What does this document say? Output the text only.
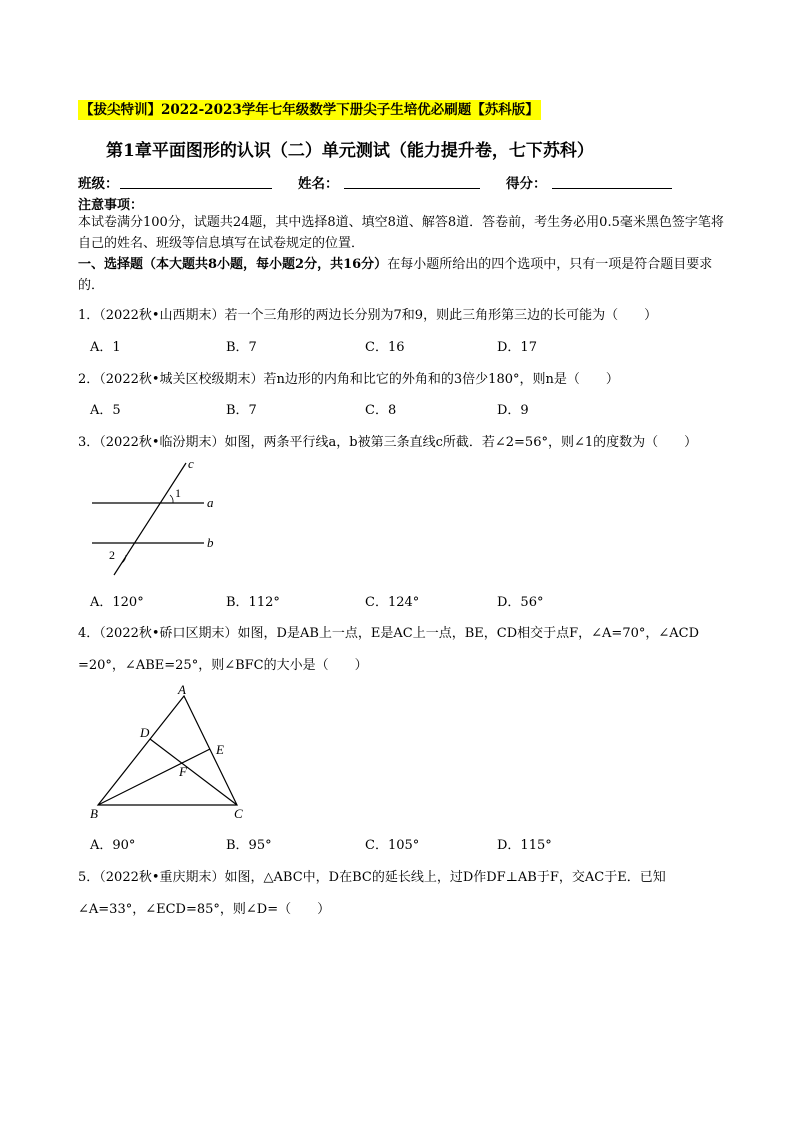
【拔尖特训】2022-2023学年七年级数学下册尖子生培优必刷题【苏科版】
第1章平面图形的认识（二）单元测试（能力提升卷，七下苏科）
班级：	姓名：	得分：
注意事项：
本试卷满分100分，试题共24题，其中选择8道、填空8道、解答8道．答卷前，考生务必用0.5毫米黑色签字笔将自己的姓名、班级等信息填写在试卷规定的位置．
一、选择题（本大题共8小题，每小题2分，共16分）在每小题所给出的四个选项中，只有一项是符合题目要求的．
1．（2022秋•山西期末）若一个三角形的两边长分别为7和9，则此三角形第三边的长可能为（　　）
A．1	B．7	C．16	D．17
2．（2022秋•城关区校级期末）若n边形的内角和比它的外角和的3倍少180°，则n是（　　）
A．5	B．7	C．8	D．9
3．（2022秋•临汾期末）如图，两条平行线a，b被第三条直线c所截．若∠2=56°，则∠1的度数为（　　）
c
a
b
1
2
A．120°	B．112°	C．124°	D．56°
4．（2022秋•硚口区期末）如图，D是AB上一点，E是AC上一点，BE，CD相交于点F，∠A=70°，∠ACD
=20°，∠ABE=25°，则∠BFC的大小是（　　）
A
B	C
D
E
F
A．90°	B．95°	C．105°	D．115°
5．（2022秋•重庆期末）如图，△ABC中，D在BC的延长线上，过D作DF⊥AB于F，交AC于E．已知
∠A=33°，∠ECD=85°，则∠D=（　　）
